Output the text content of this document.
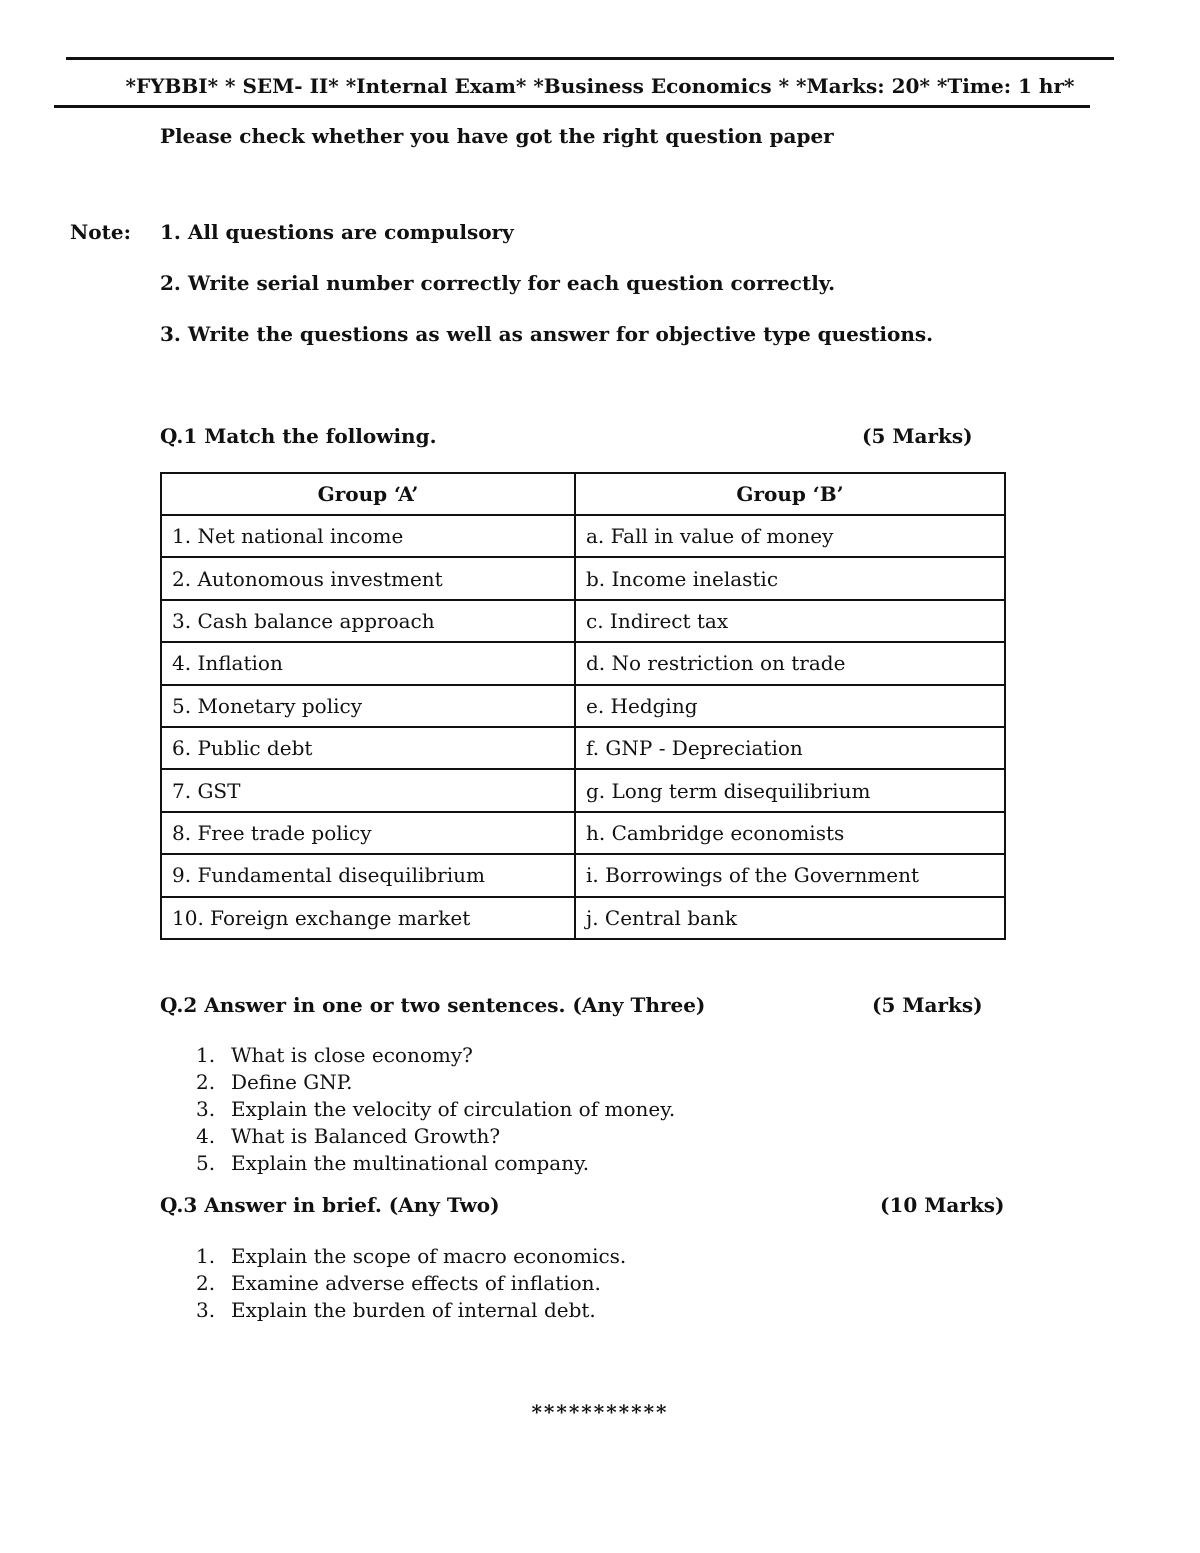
*FYBBI* * SEM- II* *Internal Exam* *Business Economics * *Marks: 20* *Time: 1 hr*
Please check whether you have got the right question paper
Note: 1. All questions are compulsory
2. Write serial number correctly for each question correctly.
3. Write the questions as well as answer for objective type questions.
Q.1 Match the following.	(5 Marks)
Group ‘A’	Group ‘B’
1. Net national income	a. Fall in value of money
2. Autonomous investment	b. Income inelastic
3. Cash balance approach	c. Indirect tax
4. Inflation	d. No restriction on trade
5. Monetary policy	e. Hedging
6. Public debt	f. GNP - Depreciation
7. GST	g. Long term disequilibrium
8. Free trade policy	h. Cambridge economists
9. Fundamental disequilibrium	i. Borrowings of the Government
10. Foreign exchange market	j. Central bank
Q.2 Answer in one or two sentences. (Any Three)	(5 Marks)
1. What is close economy?
2. Define GNP.
3. Explain the velocity of circulation of money.
4. What is Balanced Growth?
5. Explain the multinational company.
Q.3 Answer in brief. (Any Two)	(10 Marks)
1. Explain the scope of macro economics.
2. Examine adverse effects of inflation.
3. Explain the burden of internal debt.
***********
